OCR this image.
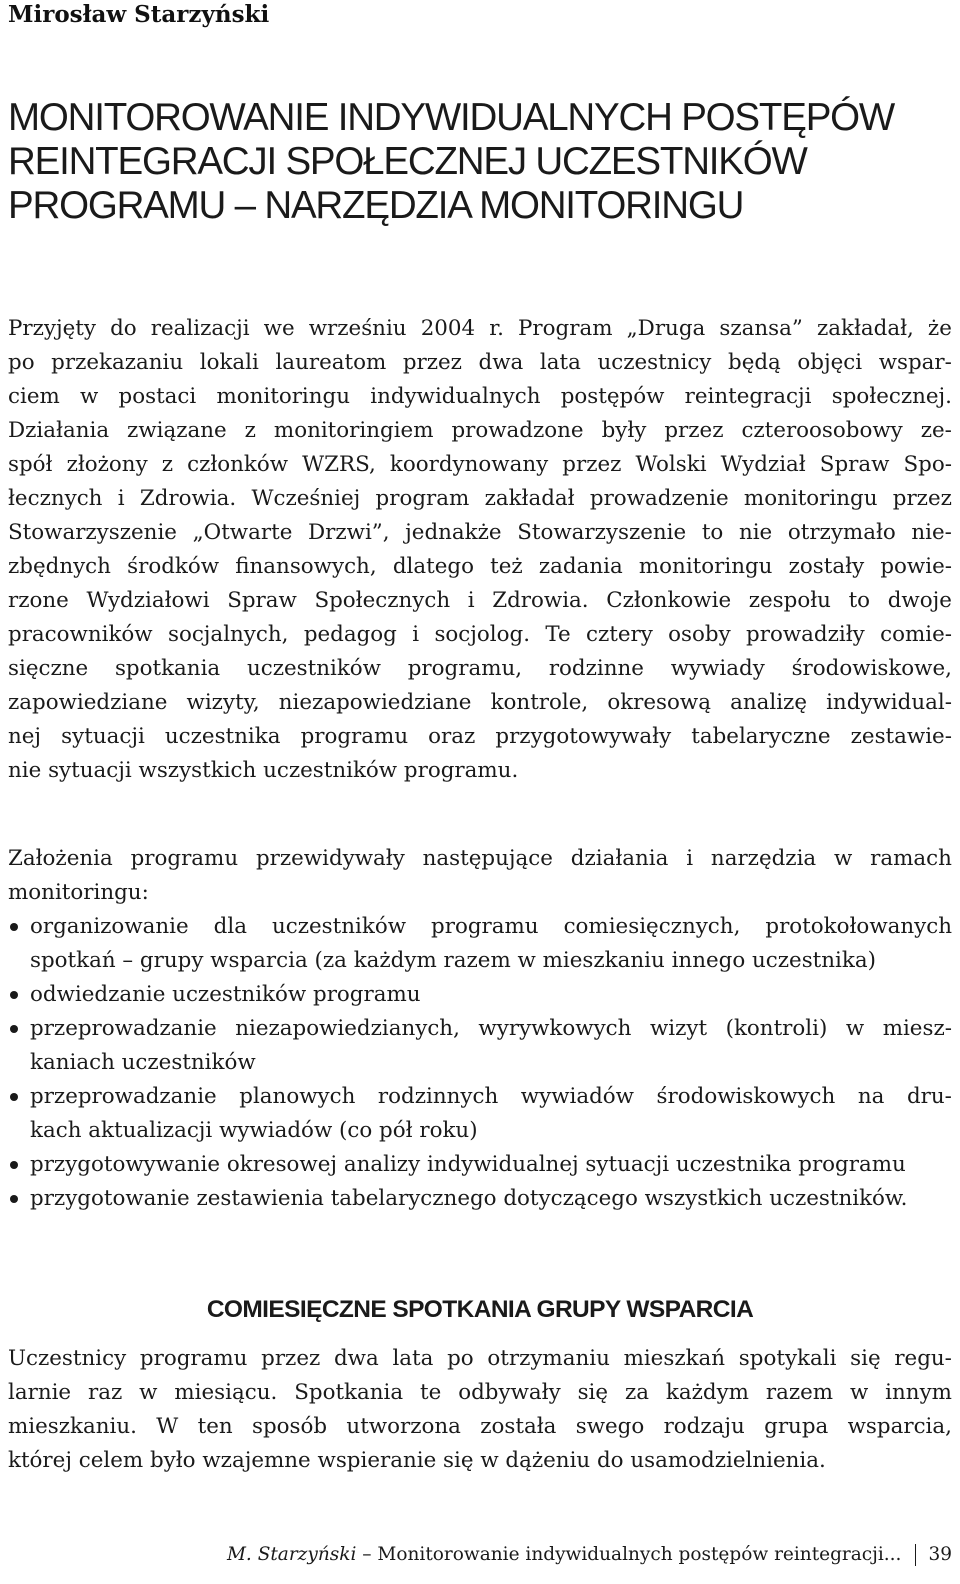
Mirosław Starzyński
MONITOROWANIE INDYWIDUALNYCH POSTĘPÓW
REINTEGRACJI SPOŁECZNEJ UCZESTNIKÓW
PROGRAMU – NARZĘDZIA MONITORINGU
Przyjęty do realizacji we wrześniu 2004 r. Program „Druga szansa” zakładał, że
po przekazaniu lokali laureatom przez dwa lata uczestnicy będą objęci wspar-
ciem w postaci monitoringu indywidualnych postępów reintegracji społecznej.
Działania związane z monitoringiem prowadzone były przez czteroosobowy ze-
spół złożony z członków WZRS, koordynowany przez Wolski Wydział Spraw Spo-
łecznych i Zdrowia. Wcześniej program zakładał prowadzenie monitoringu przez
Stowarzyszenie „Otwarte Drzwi”, jednakże Stowarzyszenie to nie otrzymało nie-
zbędnych środków finansowych, dlatego też zadania monitoringu zostały powie-
rzone Wydziałowi Spraw Społecznych i Zdrowia. Członkowie zespołu to dwoje
pracowników socjalnych, pedagog i socjolog. Te cztery osoby prowadziły comie-
sięczne spotkania uczestników programu, rodzinne wywiady środowiskowe,
zapowiedziane wizyty, niezapowiedziane kontrole, okresową analizę indywidual-
nej sytuacji uczestnika programu oraz przygotowywały tabelaryczne zestawie-
nie sytuacji wszystkich uczestników programu.
Założenia programu przewidywały następujące działania i narzędzia w ramach
monitoringu:
organizowanie dla uczestników programu comiesięcznych, protokołowanych
spotkań – grupy wsparcia (za każdym razem w mieszkaniu innego uczestnika)
odwiedzanie uczestników programu
przeprowadzanie niezapowiedzianych, wyrywkowych wizyt (kontroli) w miesz-
kaniach uczestników
przeprowadzanie planowych rodzinnych wywiadów środowiskowych na dru-
kach aktualizacji wywiadów (co pół roku)
przygotowywanie okresowej analizy indywidualnej sytuacji uczestnika programu
przygotowanie zestawienia tabelarycznego dotyczącego wszystkich uczestników.
COMIESIĘCZNE SPOTKANIA GRUPY WSPARCIA
Uczestnicy programu przez dwa lata po otrzymaniu mieszkań spotykali się regu-
larnie raz w miesiącu. Spotkania te odbywały się za każdym razem w innym
mieszkaniu. W ten sposób utworzona została swego rodzaju grupa wsparcia,
której celem było wzajemne wspieranie się w dążeniu do usamodzielnienia.
M. Starzyński – Monitorowanie indywidualnych postępów reintegracji... 39
